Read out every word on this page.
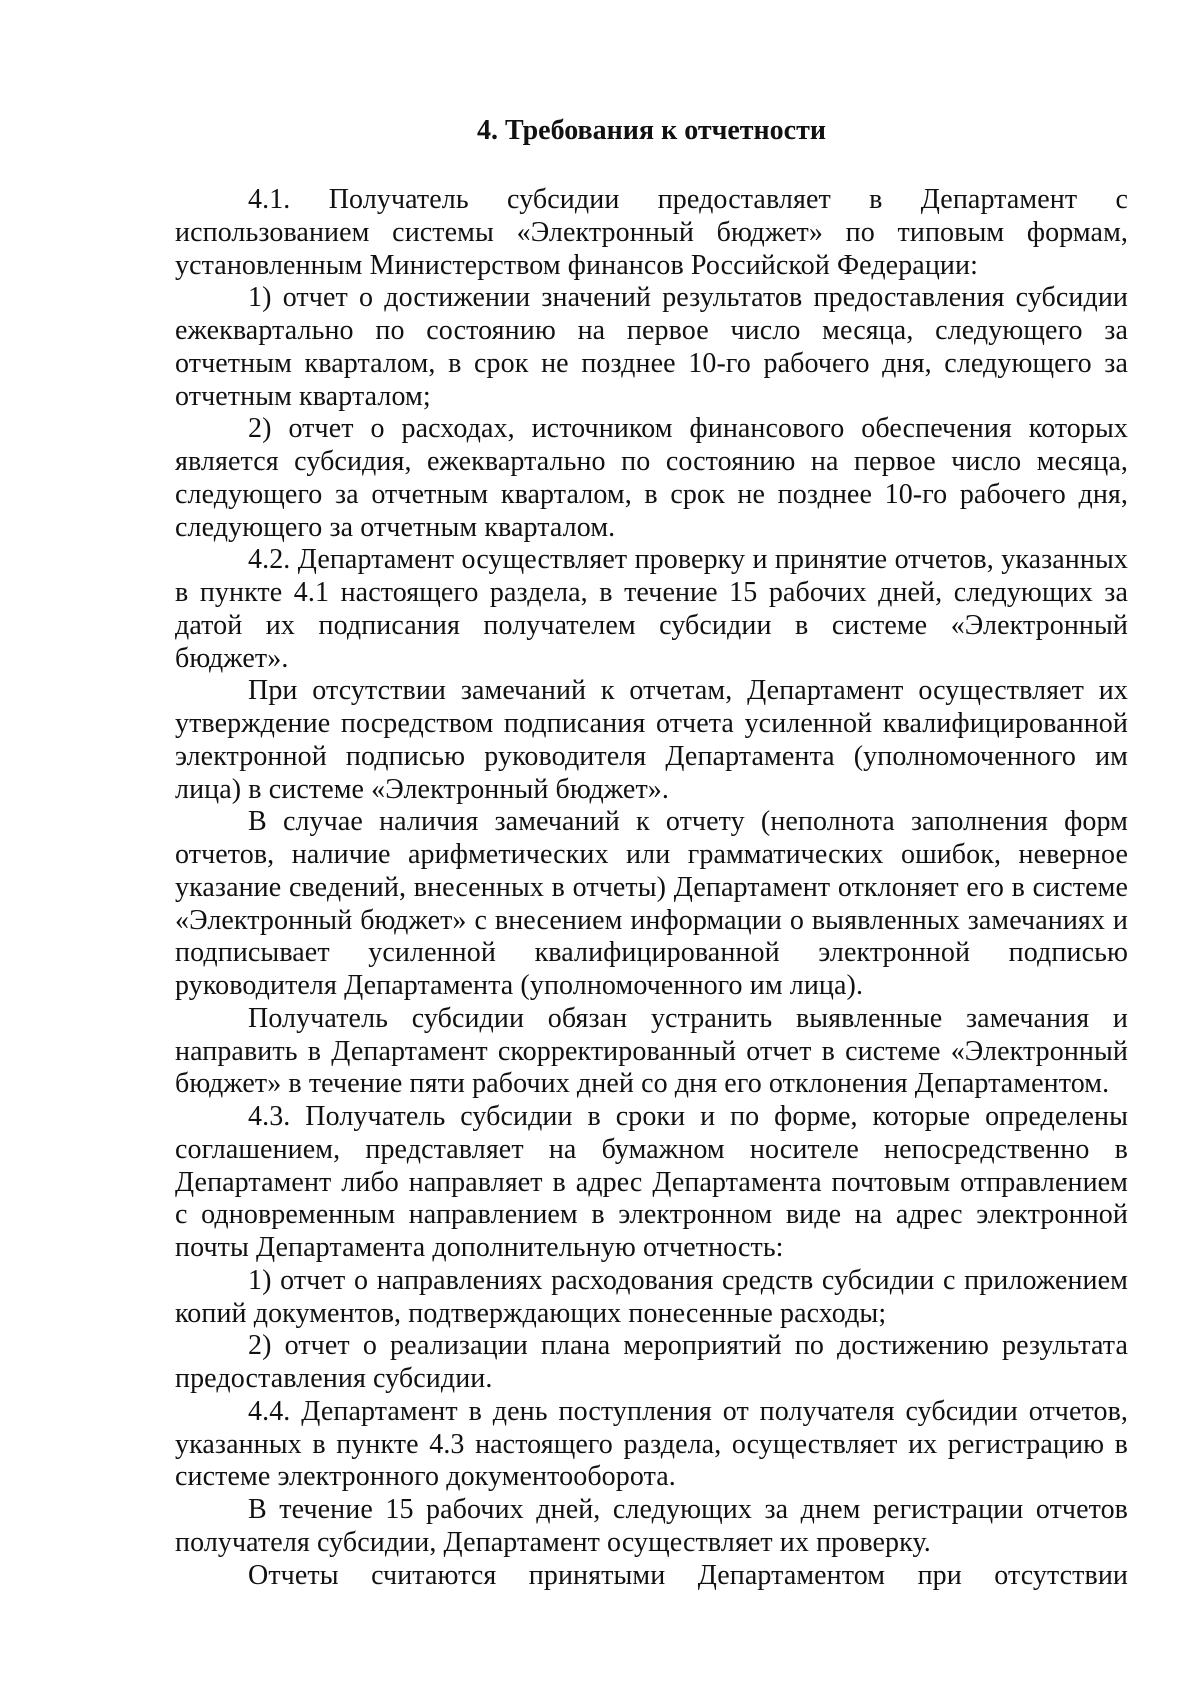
4. Требования к отчетности

4.1. Получатель субсидии предоставляет в Департамент с использованием системы «Электронный бюджет» по типовым формам, установленным Министерством финансов Российской Федерации:

1) отчет о достижении значений результатов предоставления субсидии ежеквартально по состоянию на первое число месяца, следующего за отчетным кварталом, в срок не позднее 10-го рабочего дня, следующего за отчетным кварталом;

2) отчет о расходах, источником финансового обеспечения которых является субсидия, ежеквартально по состоянию на первое число месяца, следующего за отчетным кварталом, в срок не позднее 10-го рабочего дня, следующего за отчетным кварталом.

4.2. Департамент осуществляет проверку и принятие отчетов, указанных в пункте 4.1 настоящего раздела, в течение 15 рабочих дней, следующих за датой их подписания получателем субсидии в системе «Электронный бюджет».

При отсутствии замечаний к отчетам, Департамент осуществляет их утверждение посредством подписания отчета усиленной квалифицированной электронной подписью руководителя Департамента (уполномоченного им лица) в системе «Электронный бюджет».

В случае наличия замечаний к отчету (неполнота заполнения форм отчетов, наличие арифметических или грамматических ошибок, неверное указание сведений, внесенных в отчеты) Департамент отклоняет его в системе «Электронный бюджет» с внесением информации о выявленных замечаниях и подписывает усиленной квалифицированной электронной подписью руководителя Департамента (уполномоченного им лица).

Получатель субсидии обязан устранить выявленные замечания и направить в Департамент скорректированный отчет в системе «Электронный бюджет» в течение пяти рабочих дней со дня его отклонения Департаментом.

4.3. Получатель субсидии в сроки и по форме, которые определены соглашением, представляет на бумажном носителе непосредственно в Департамент либо направляет в адрес Департамента почтовым отправлением с одновременным направлением в электронном виде на адрес электронной почты Департамента дополнительную отчетность:

1) отчет о направлениях расходования средств субсидии с приложением копий документов, подтверждающих понесенные расходы;

2) отчет о реализации плана мероприятий по достижению результата предоставления субсидии.

4.4. Департамент в день поступления от получателя субсидии отчетов, указанных в пункте 4.3 настоящего раздела, осуществляет их регистрацию в системе электронного документооборота.

В течение 15 рабочих дней, следующих за днем регистрации отчетов получателя субсидии, Департамент осуществляет их проверку.

Отчеты считаются принятыми Департаментом при отсутствии
